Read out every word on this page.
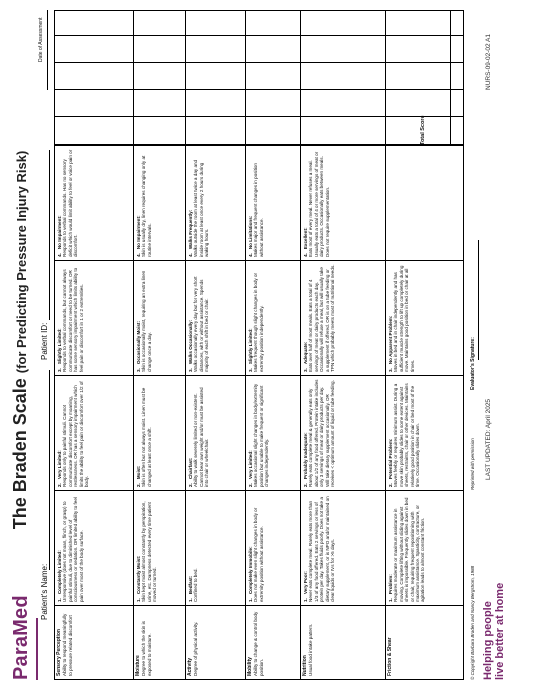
ParaMed
The Braden Scale (for Predicting Pressure Injury Risk)
Patient's Name:
Patient ID:
Date of Assessment
Sensory Perception Ability to respond meaningfully to pressure related discomfort
1.
Completely Limited: Unresponsive (does not moan, flinch, or grasp) to painful stimuli, due to diminished level of consciousness or sedation. OR limited ability to feel pain over most of the body surface.
2.
Very Limited: Responds only to painful stimuli. Cannot communicate discomfort except by moaning, restlessness. OR has a sensory impairment which limits the ability to feel pain or discomfort over 1/2 of body.
3.
Slightly Limited: Responds to verbal commands, but cannot always communicate discomfort or need to be turned. OR has some sensory impairment which limits ability to feel pain or discomfort in 1 or 2 extremities.
4.
No Impairment: Responds to verbal commands. Has no sensory deficit which would limit ability to feel or voice pain or discomfort.
Moisture Degree to which the skin is exposed to moisture.
1.
Constantly Moist: Skin kept moist almost constantly by perspiration, urine, etc. Dampness detected every time patient moved or turned.
2.
Moist: Skin is often but not always moist. Linen must be changed at least once a shift.
3.
Occasionally Moist: Skin is occasionally moist, requiring an extra linen change once a day.
4.
No Impairment: Skin is usually dry, linen requires changing only at routine intervals.
Activity Degree of physical activity.
1.
Bedfast: Confined to bed.
2.
Chairfast: Ability to walk severely limited or non-existent. Cannot bear own weight and/or must be assisted into chair or wheelchair.
3.
Walks Occasionally: Walks occasionally every day but for very short distances, with or without assistance. Spends majority of each shift in bed or chair.
4.
Walks Frequently: Walks outside the room at least twice a day and inside room at least once every 2 hours during waking hours.
Mobility Ability to change & control body position.
1.
Completely Immobile: Does not make even slight changes in body or extremity position without assistance.
2.
Very Limited: Makes occasional slight changes in body/extremity position but unable to make frequent or significant changes independently.
3.
Slightly Limited: Makes frequent though slight changes in body or extremity position independently.
4.
No Limitations: Makes major and frequent changes in position without assistance.
Nutrition Usual food intake pattern.
1.
Very Poor: Never eats complete meal. Rarely eats more than 1/3 of any food offered. Eats 2 servings or less of protein per day. Takes fluids poorly. Does not take a dietary supplement, or is NPO and/or maintained on clear liquids or IVs for >5 days.
2.
Probably Inadequate: Rarely eats complete meal & generally eats only about 1/2 of any food offered. Protein intake includes only 3 servings of meat or dairy products per day. Will take dietary supplement occasionally. OR receives < optimum amount of liquid or tube feeding.
3.
Adequate: Eats over half of most meals. Eats a total of 4 servings of meat or dairy products each day. Occasionally will refuse a meal, but will usually take a supplement if offered. OR is on a tube feeding or TPN which probably meets most of nutritional needs.
4.
Excellent: Eats most of every meal. Never refuses a meal. Usually eats a total of 4 or more servings of meat or dairy products. Occasionally eats between meals. Does not require supplementation.
Friction & Shear
1.
Problem: Requires moderate or maximum assistance in moving. Complete lifting without sliding against sheets is impossible. Frequently slides down in bed or chair, requiring frequent repositioning with maximum assistance. Spasticity, contracture, or agitation leads to almost constant friction.
2.
Potential Problem: Moves feebly or requires minimum assist. During a move skin probably slides to some extent against sheets, restraints, chair or other devices. Maintains relatively good position in chair or bed most of the time. Occasionally slides down.
3.
No Apparent Problem: Moves in bed and in chair independently and has sufficient muscle strength to lift up completely during move. Maintains good position in bed or chair at all times.
Total Score
© Copyright Barbara Braden and Nancy Bergstrom, 1988
Reprinted with permission
Evaluator's Signature:
Helping people live better at home
LAST UPDATED: April 2025
NURS-09-02-02 A1
